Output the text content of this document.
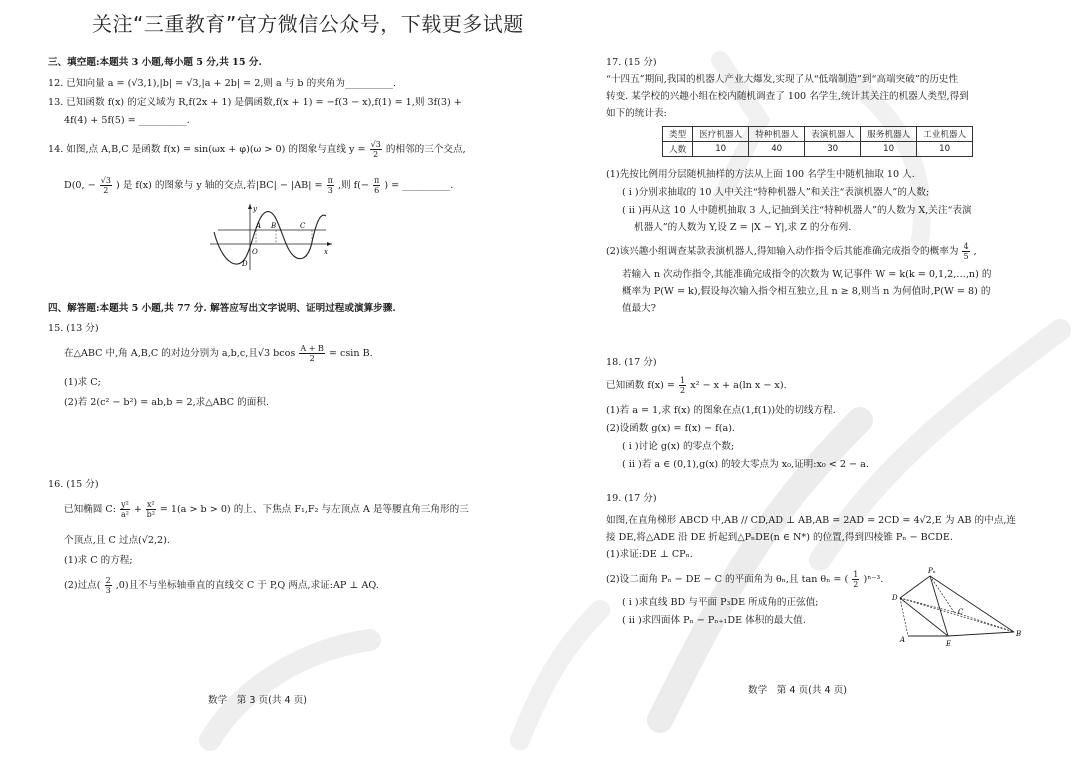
关注“三重教育”官方微信公众号，下载更多试题
三、填空题:本题共 3 小题,每小题 5 分,共 15 分.
12. 已知向量 a = (√3,1),|b| = √3,|a + 2b| = 2,则 a 与 b 的夹角为__________.
13. 已知函数 f(x) 的定义域为 R,f(2x + 1) 是偶函数,f(x + 1) = −f(3 − x),f(1) = 1,则 3f(3) +
4f(4) + 5f(5) = __________.
14. 如图,点 A,B,C 是函数 f(x) = sin(ωx + φ)(ω > 0) 的图象与直线 $y = \frac{√3}{2}$ 的相邻的三个交点,
D(0, − $\frac{√3}{2}$ ) 是 f(x) 的图象与 y 轴的交点,若$|BC| - |AB| = \frac{\pi}{3}$ ,则 $f(- \frac{\pi}{6}$ ) = __________.
y
O
A B	C
x
D
四、解答题:本题共 5 小题,共 77 分. 解答应写出文字说明、证明过程或演算步骤.
15. (13 分)
在△ABC 中,角 A,B,C 的对边分别为 a,b,c,且√3 bcos $\frac{A + B}{2} = csin$ B.
(1)求 C;
(2)若 2(c² − b²) = ab,b = 2,求△ABC 的面积.
16. (15 分)
已知椭圆 C: $\frac{\text{y²}}{\text{a²}} + \frac{\text{x²}}{\text{b²}} = 1(a > b > 0)$ 的上、下焦点 F₁,F₂ 与左顶点 A 是等腰直角三角形的三
个顶点,且 C 过点(√2,2).
(1)求 C 的方程;
(2)过点( $\frac{2}{3} ,0$)且不与坐标轴垂直的直线交 C 于 P,Q 两点,求证:AP ⊥ AQ.
数学　第 3 页(共 4 页)
17. (15 分)
“十四五”期间,我国的机器人产业大爆发,实现了从“低端制造”到“高端突破”的历史性
转变. 某学校的兴趣小组在校内随机调查了 100 名学生,统计其关注的机器人类型,得到
如下的统计表:
类型	医疗机器人	特种机器人	表演机器人	服务机器人	工业机器人
人数	10	40	30	10	10
(1)先按比例用分层随机抽样的方法从上面 100 名学生中随机抽取 10 人.
( i )分别求抽取的 10 人中关注“特种机器人”和关注“表演机器人”的人数;
( ii )再从这 10 人中随机抽取 3 人,记抽到关注“特种机器人”的人数为 X,关注“表演
机器人”的人数为 Y,设 Z = |X − Y|,求 Z 的分布列.
(2)该兴趣小组调查某款表演机器人,得知输入动作指令后其能准确完成指令的概率为 $\frac{4}{5}$ ,
若输入 n 次动作指令,其能准确完成指令的次数为 W,记事件 W = k(k = 0,1,2,…,n) 的
概率为 P(W = k),假设每次输入指令相互独立,且 n ≥ 8,则当 n 为何值时,P(W = 8) 的
值最大?
18. (17 分)
已知函数 $f(x) = \frac{1}{2} x^2 - x + a(\ln$ x − x).
(1)若 a = 1,求 f(x) 的图象在点(1,f(1))处的切线方程.
(2)设函数 g(x) = f(x) − f(a).
( i )讨论 g(x) 的零点个数;
( ii )若 a ∈ (0,1),g(x) 的较大零点为 x₀,证明:x₀ < 2 − a.
19. (17 分)
如图,在直角梯形 ABCD 中,AB // CD,AD ⊥ AB,AB = 2AD = 2CD = 4√2,E 为 AB 的中点,连
接 DE,将△ADE 沿 DE 折起到△PₙDE(n ∈ N*) 的位置,得到四棱锥 Pₙ − BCDE.
(1)求证:DE ⊥ CPₙ.
(2)设二面角 Pₙ − DE − C 的平面角为 θₙ,且 tan θₙ = ( $\frac{1}{2} )^{n-3}$.
( i )求直线 BD 与平面 P₃DE 所成角的正弦值;
( ii )求四面体 Pₙ − Pₙ₊₁DE 体积的最大值.
Pₙ
D
C
A	E
B
数学　第 4 页(共 4 页)
